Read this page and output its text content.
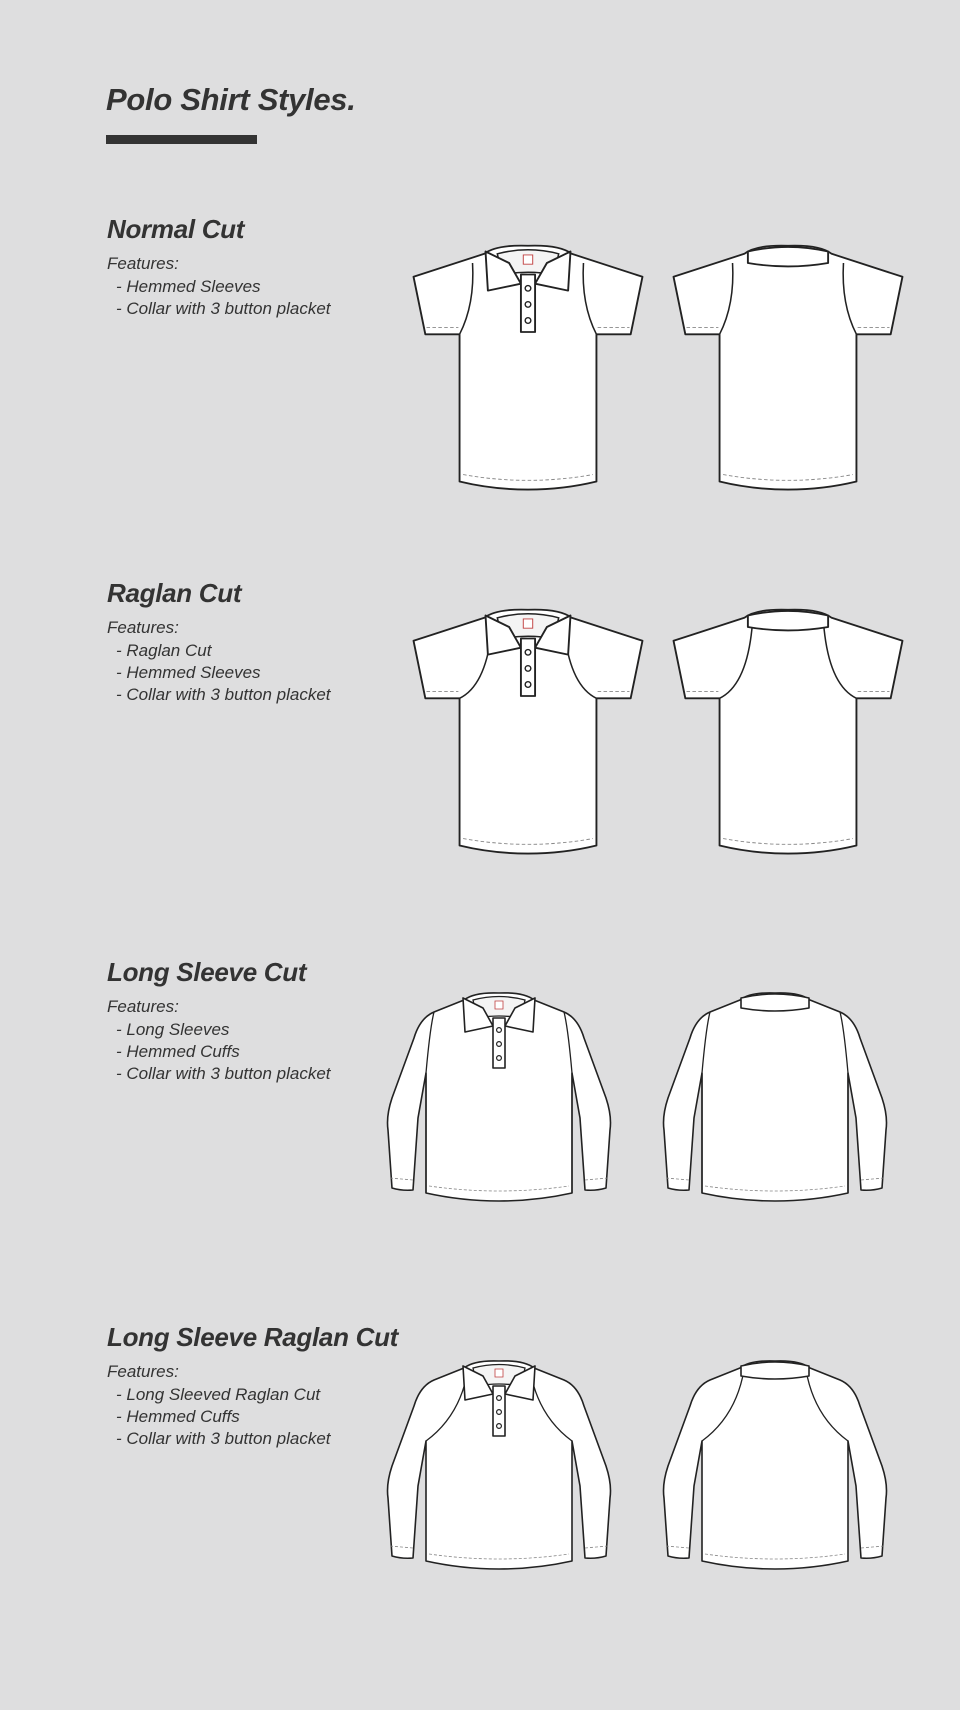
Polo Shirt Styles.
Normal Cut
Features:
- Hemmed Sleeves
- Collar with 3 button placket
Raglan Cut
Features:
- Raglan Cut
- Hemmed Sleeves
- Collar with 3 button placket
Long Sleeve Cut
Features:
- Long Sleeves
- Hemmed Cuffs
- Collar with 3 button placket
Long Sleeve Raglan Cut
Features:
- Long Sleeved Raglan Cut
- Hemmed Cuffs
- Collar with 3 button placket
